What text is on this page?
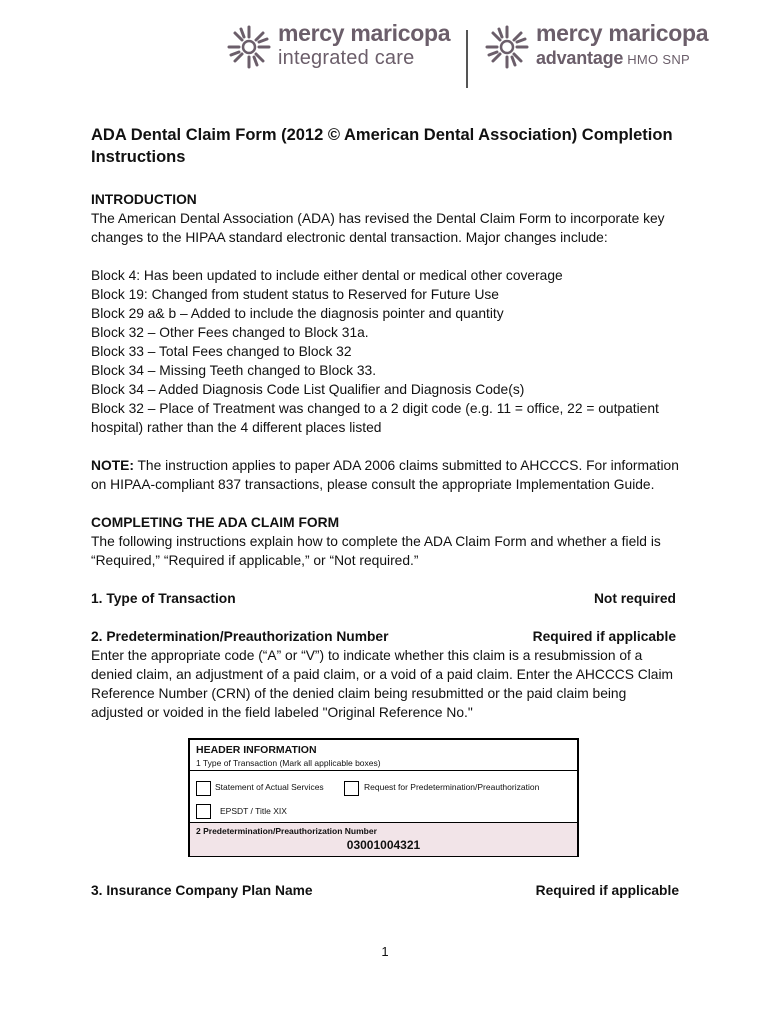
mercy maricopa
integrated care
mercy maricopa
advantage HMO SNP
ADA Dental Claim Form (2012 © American Dental Association) Completion Instructions
INTRODUCTION
The American Dental Association (ADA) has revised the Dental Claim Form to incorporate key
changes to the HIPAA standard electronic dental transaction. Major changes include:
Block 4: Has been updated to include either dental or medical other coverage
Block 19: Changed from student status to Reserved for Future Use
Block 29 a& b – Added to include the diagnosis pointer and quantity
Block 32 – Other Fees changed to Block 31a.
Block 33 – Total Fees changed to Block 32
Block 34 – Missing Teeth changed to Block 33.
Block 34 – Added Diagnosis Code List Qualifier and Diagnosis Code(s)
Block 32 – Place of Treatment was changed to a 2 digit code (e.g. 11 = office, 22 = outpatient
hospital) rather than the 4 different places listed
NOTE: The instruction applies to paper ADA 2006 claims submitted to AHCCCS. For information
on HIPAA-compliant 837 transactions, please consult the appropriate Implementation Guide.
COMPLETING THE ADA CLAIM FORM
The following instructions explain how to complete the ADA Claim Form and whether a field is
“Required,” “Required if applicable,” or “Not required.”
1. Type of Transaction	Not required
2. Predetermination/Preauthorization Number	Required if applicable
Enter the appropriate code (“A” or “V”) to indicate whether this claim is a resubmission of a
denied claim, an adjustment of a paid claim, or a void of a paid claim. Enter the AHCCCS Claim
Reference Number (CRN) of the denied claim being resubmitted or the paid claim being
adjusted or voided in the field labeled "Original Reference No."
HEADER INFORMATION
1 Type of Transaction (Mark all applicable boxes)
Statement of Actual Services	Request for Predetermination/Preauthorization
EPSDT / Title XIX
2 Predetermination/Preauthorization Number
03001004321
3. Insurance Company Plan Name	Required if applicable
1
